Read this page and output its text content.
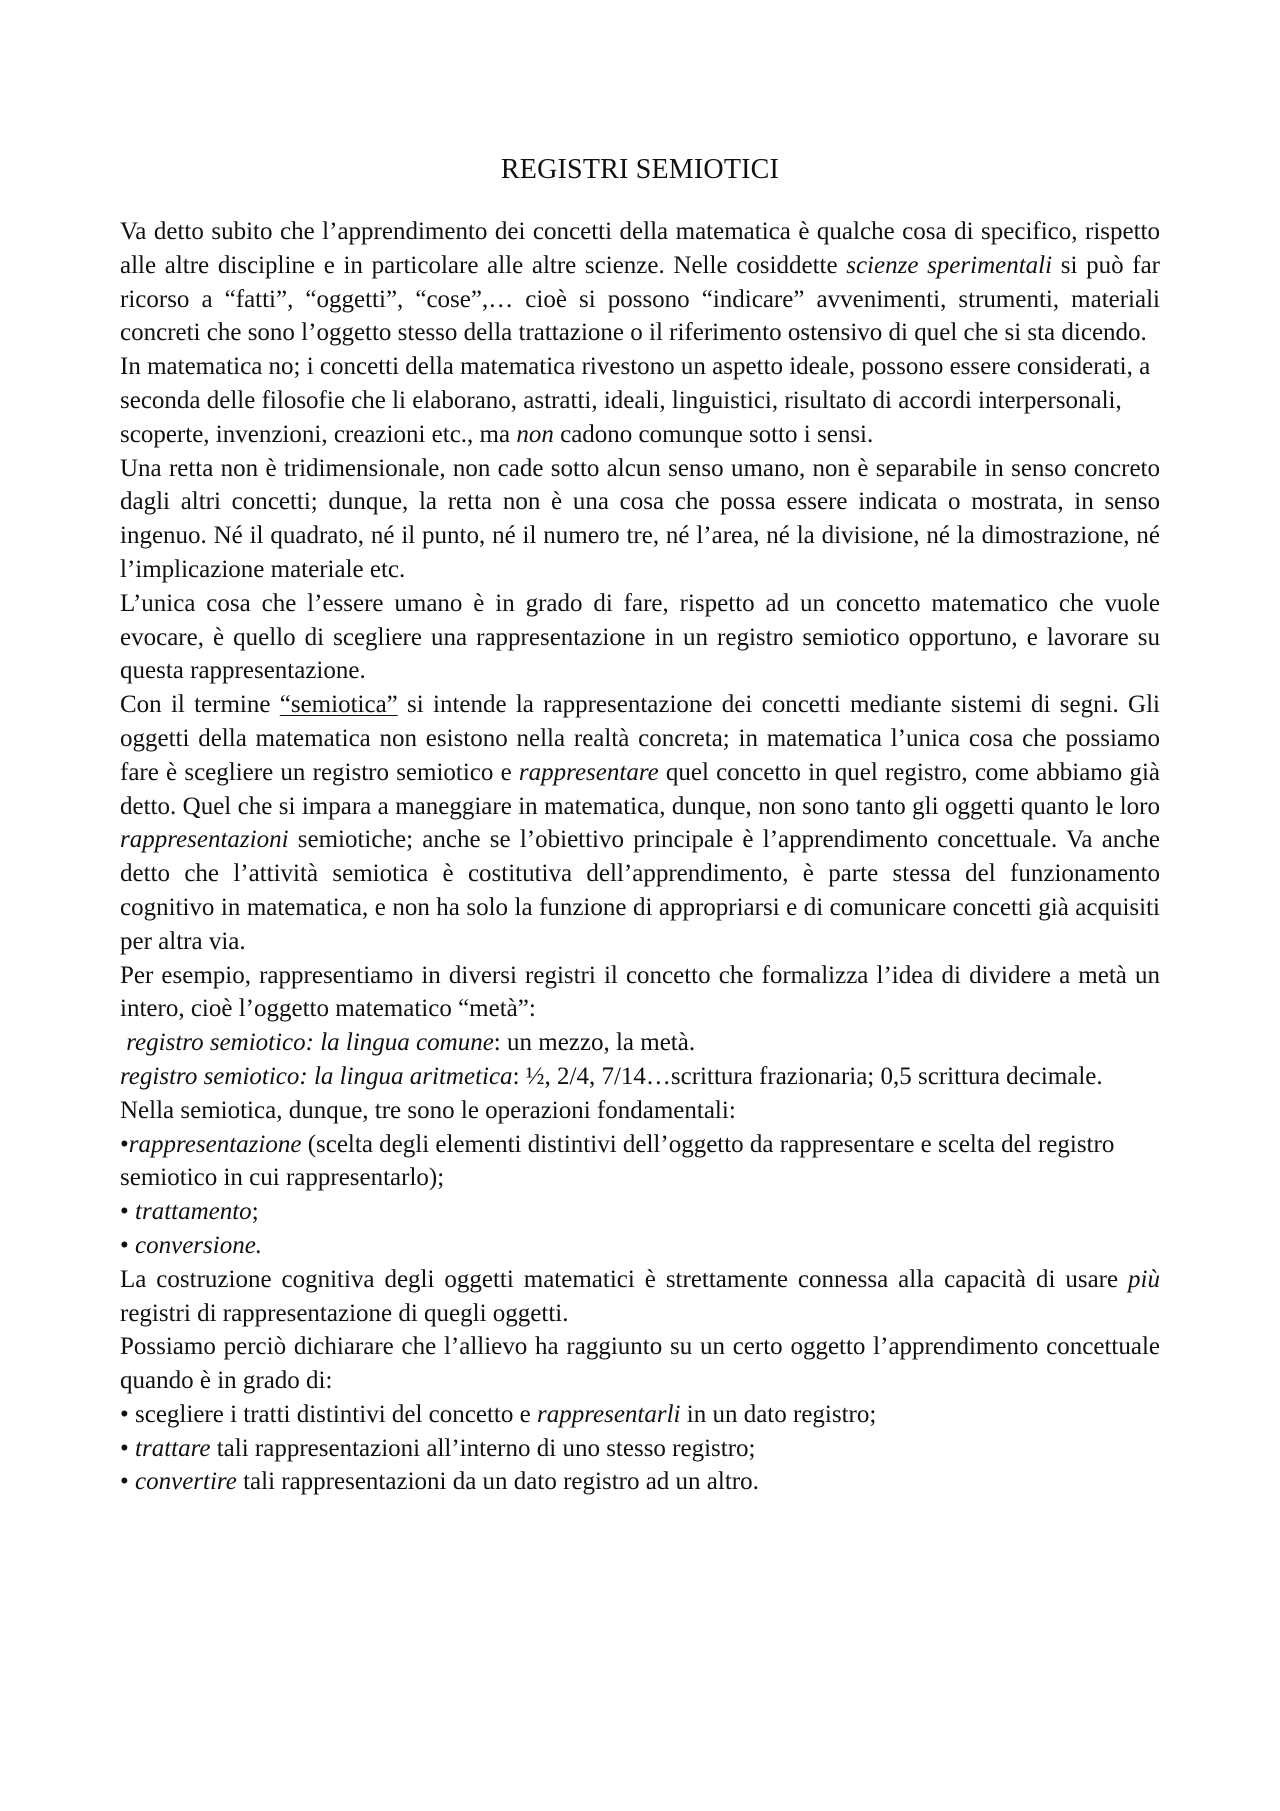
REGISTRI SEMIOTICI

Va detto subito che l’apprendimento dei concetti della matematica è qualche cosa di specifico, rispetto alle altre discipline e in particolare alle altre scienze. Nelle cosiddette scienze sperimentali si può far ricorso a “fatti”, “oggetti”, “cose”,… cioè si possono “indicare” avvenimenti, strumenti, materiali concreti che sono l’oggetto stesso della trattazione o il riferimento ostensivo di quel che si sta dicendo.

In matematica no; i concetti della matematica rivestono un aspetto ideale, possono essere considerati, a seconda delle filosofie che li elaborano, astratti, ideali, linguistici, risultato di accordi interpersonali, scoperte, invenzioni, creazioni etc., ma non cadono comunque sotto i sensi.

Una retta non è tridimensionale, non cade sotto alcun senso umano, non è separabile in senso concreto dagli altri concetti; dunque, la retta non è una cosa che possa essere indicata o mostrata, in senso ingenuo. Né il quadrato, né il punto, né il numero tre, né l’area, né la divisione, né la dimostrazione, né l’implicazione materiale etc.

L’unica cosa che l’essere umano è in grado di fare, rispetto ad un concetto matematico che vuole evocare, è quello di scegliere una rappresentazione in un registro semiotico opportuno, e lavorare su questa rappresentazione.

Con il termine “semiotica” si intende la rappresentazione dei concetti mediante sistemi di segni. Gli oggetti della matematica non esistono nella realtà concreta; in matematica l’unica cosa che possiamo fare è scegliere un registro semiotico e rappresentare quel concetto in quel registro, come abbiamo già detto. Quel che si impara a maneggiare in matematica, dunque, non sono tanto gli oggetti quanto le loro rappresentazioni semiotiche; anche se l’obiettivo principale è l’apprendimento concettuale. Va anche detto che l’attività semiotica è costitutiva dell’apprendimento, è parte stessa del funzionamento cognitivo in matematica, e non ha solo la funzione di appropriarsi e di comunicare concetti già acquisiti per altra via.

Per esempio, rappresentiamo in diversi registri il concetto che formalizza l’idea di dividere a metà un intero, cioè l’oggetto matematico “metà”:

registro semiotico: la lingua comune: un mezzo, la metà.

registro semiotico: la lingua aritmetica: ½, 2/4, 7/14…scrittura frazionaria; 0,5 scrittura decimale.

Nella semiotica, dunque, tre sono le operazioni fondamentali:

•rappresentazione (scelta degli elementi distintivi dell’oggetto da rappresentare e scelta del registro

semiotico in cui rappresentarlo);

• trattamento;

• conversione.

La costruzione cognitiva degli oggetti matematici è strettamente connessa alla capacità di usare più registri di rappresentazione di quegli oggetti.

Possiamo perciò dichiarare che l’allievo ha raggiunto su un certo oggetto l’apprendimento concettuale quando è in grado di:

• scegliere i tratti distintivi del concetto e rappresentarli in un dato registro;

• trattare tali rappresentazioni all’interno di uno stesso registro;

• convertire tali rappresentazioni da un dato registro ad un altro.
